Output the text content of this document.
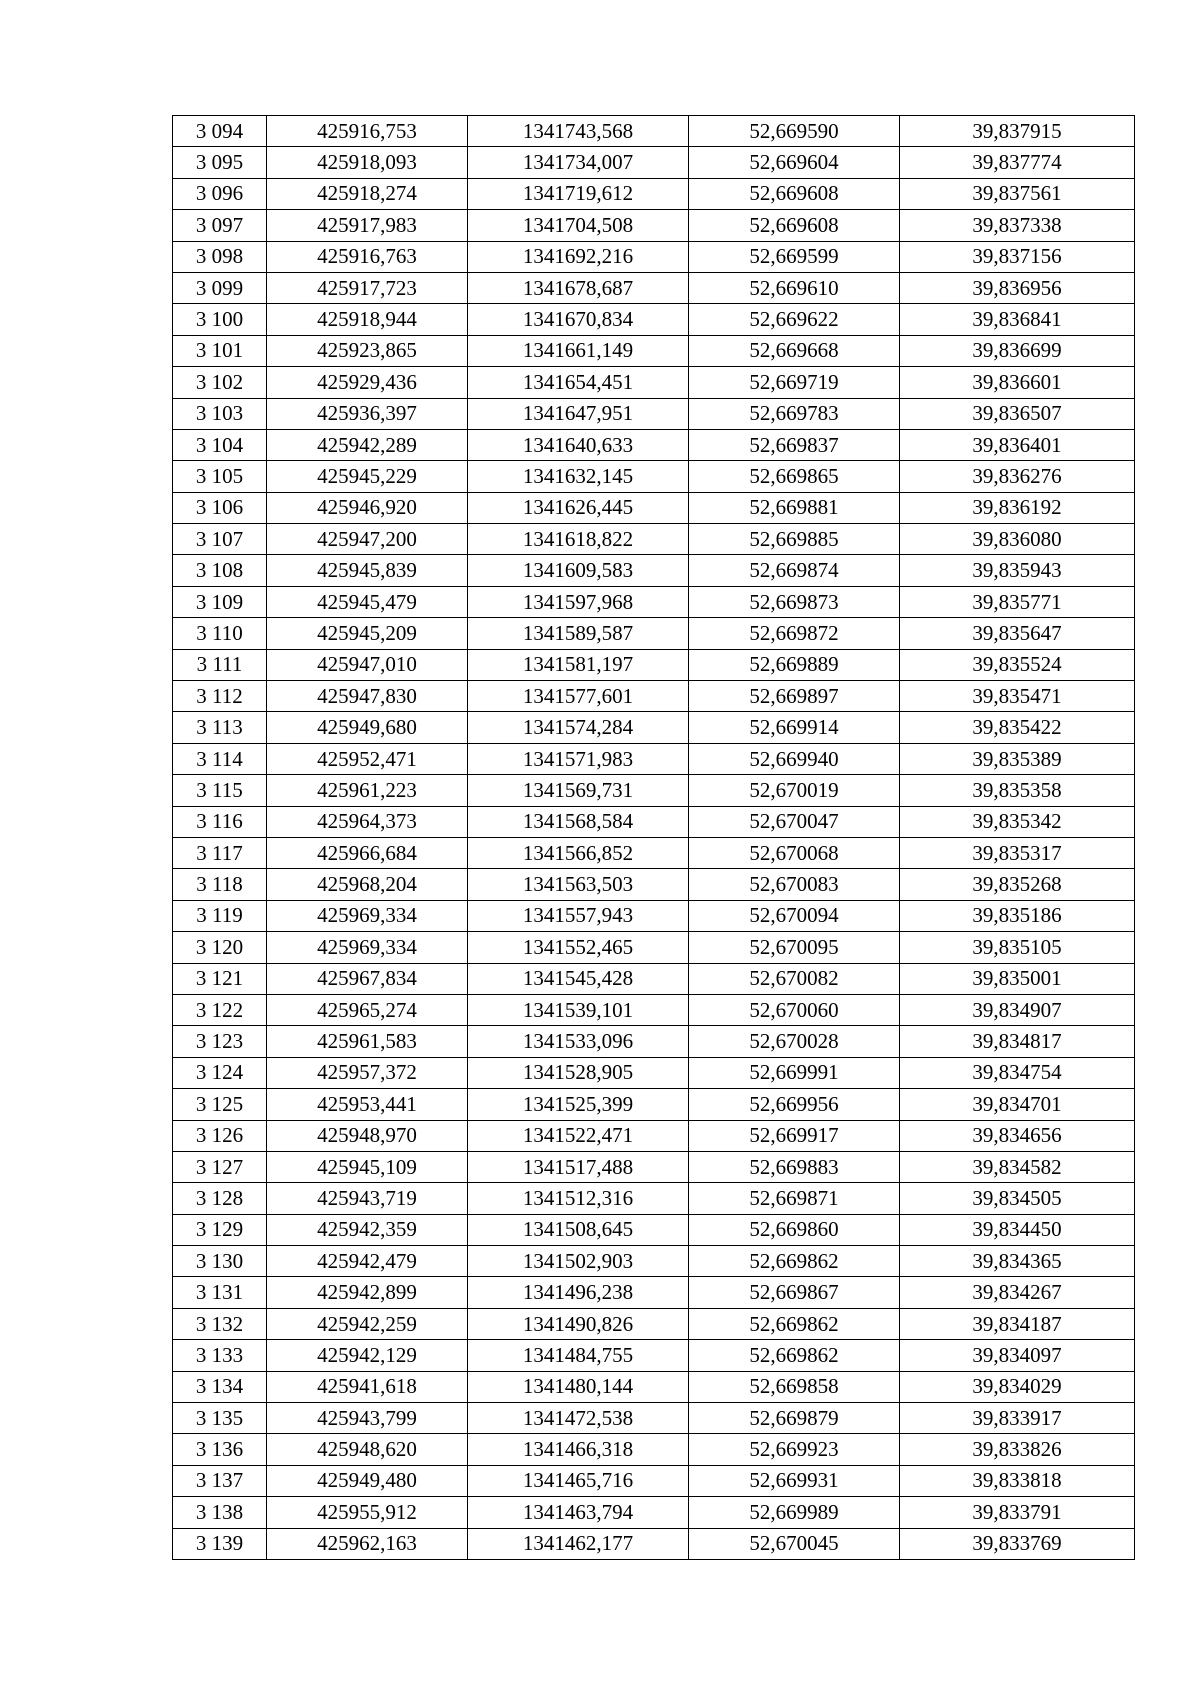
3 094	425916,753	1341743,568	52,669590	39,837915
3 095	425918,093	1341734,007	52,669604	39,837774
3 096	425918,274	1341719,612	52,669608	39,837561
3 097	425917,983	1341704,508	52,669608	39,837338
3 098	425916,763	1341692,216	52,669599	39,837156
3 099	425917,723	1341678,687	52,669610	39,836956
3 100	425918,944	1341670,834	52,669622	39,836841
3 101	425923,865	1341661,149	52,669668	39,836699
3 102	425929,436	1341654,451	52,669719	39,836601
3 103	425936,397	1341647,951	52,669783	39,836507
3 104	425942,289	1341640,633	52,669837	39,836401
3 105	425945,229	1341632,145	52,669865	39,836276
3 106	425946,920	1341626,445	52,669881	39,836192
3 107	425947,200	1341618,822	52,669885	39,836080
3 108	425945,839	1341609,583	52,669874	39,835943
3 109	425945,479	1341597,968	52,669873	39,835771
3 110	425945,209	1341589,587	52,669872	39,835647
3 111	425947,010	1341581,197	52,669889	39,835524
3 112	425947,830	1341577,601	52,669897	39,835471
3 113	425949,680	1341574,284	52,669914	39,835422
3 114	425952,471	1341571,983	52,669940	39,835389
3 115	425961,223	1341569,731	52,670019	39,835358
3 116	425964,373	1341568,584	52,670047	39,835342
3 117	425966,684	1341566,852	52,670068	39,835317
3 118	425968,204	1341563,503	52,670083	39,835268
3 119	425969,334	1341557,943	52,670094	39,835186
3 120	425969,334	1341552,465	52,670095	39,835105
3 121	425967,834	1341545,428	52,670082	39,835001
3 122	425965,274	1341539,101	52,670060	39,834907
3 123	425961,583	1341533,096	52,670028	39,834817
3 124	425957,372	1341528,905	52,669991	39,834754
3 125	425953,441	1341525,399	52,669956	39,834701
3 126	425948,970	1341522,471	52,669917	39,834656
3 127	425945,109	1341517,488	52,669883	39,834582
3 128	425943,719	1341512,316	52,669871	39,834505
3 129	425942,359	1341508,645	52,669860	39,834450
3 130	425942,479	1341502,903	52,669862	39,834365
3 131	425942,899	1341496,238	52,669867	39,834267
3 132	425942,259	1341490,826	52,669862	39,834187
3 133	425942,129	1341484,755	52,669862	39,834097
3 134	425941,618	1341480,144	52,669858	39,834029
3 135	425943,799	1341472,538	52,669879	39,833917
3 136	425948,620	1341466,318	52,669923	39,833826
3 137	425949,480	1341465,716	52,669931	39,833818
3 138	425955,912	1341463,794	52,669989	39,833791
3 139	425962,163	1341462,177	52,670045	39,833769
